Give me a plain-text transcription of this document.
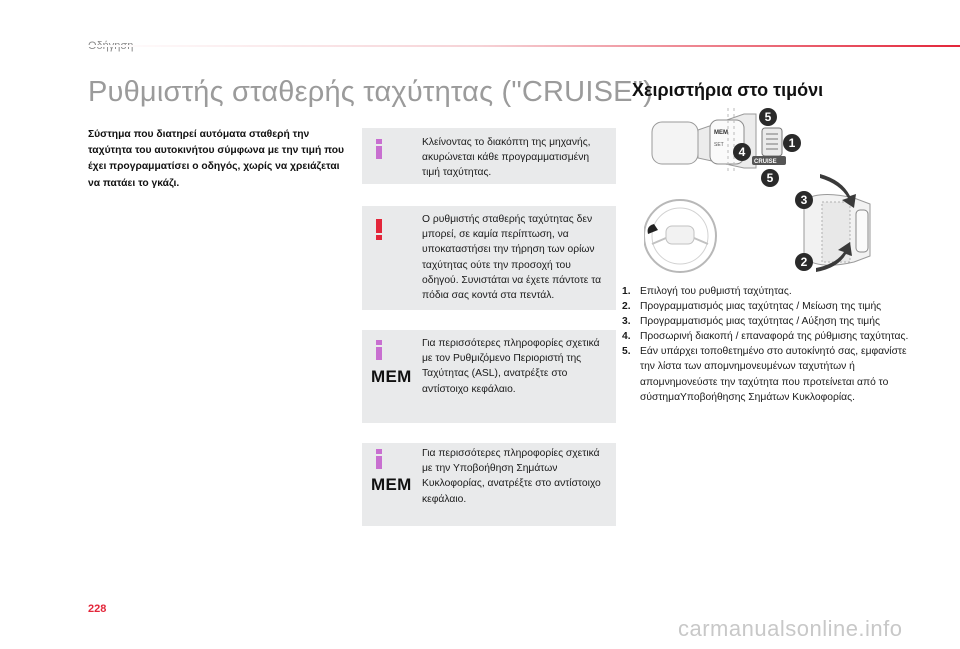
Ρυθμιστής σταθερής ταχύτητας ("CRUISE")

Σύστημα που διατηρεί αυτόματα σταθερή την ταχύτητα του αυτοκινήτου σύμφωνα με την τιμή που έχει προγραμματίσει ο οδηγός, χωρίς να χρειάζεται να πατάει το γκάζι.

Κλείνοντας το διακόπτη της μηχανής, ακυρώνεται κάθε προγραμματισμένη τιμή ταχύτητας.
Ο ρυθμιστής σταθερής ταχύτητας δεν μπορεί, σε καμία περίπτωση, να υποκαταστήσει την τήρηση των ορίων ταχύτητας ούτε την προσοχή του οδηγού. Συνιστάται να έχετε πάντοτε τα πόδια σας κοντά στα πεντάλ.
MEM
Για περισσότερες πληροφορίες σχετικά με τον Ρυθμιζόμενο Περιοριστή της Ταχύτητας (ASL), ανατρέξτε στο αντίστοιχο κεφάλαιο.
MEM
Για περισσότερες πληροφορίες σχετικά με την Υποβοήθηση Σημάτων Κυκλοφορίας, ανατρέξτε στο αντίστοιχο κεφάλαιο.
Χειριστήρια στο τιμόνι
MEM
SET
CRUISE
1
2
3
4
5
5
1. Επιλογή του ρυθμιστή ταχύτητας.
2. Προγραμματισμός μιας ταχύτητας / Μείωση της τιμής
3. Προγραμματισμός μιας ταχύτητας / Αύξηση της τιμής
4. Προσωρινή διακοπή / επαναφορά της ρύθμισης ταχύτητας.
5. Εάν υπάρχει τοποθετημένο στο αυτοκίνητό σας, εμφανίστε την λίστα των απομνημονευμένων ταχυτήτων ή απομνημονεύστε την ταχύτητα που προτείνεται από το σύστημαΥποβοήθησης Σημάτων Κυκλοφορίας.
228
carmanualsonline.info
